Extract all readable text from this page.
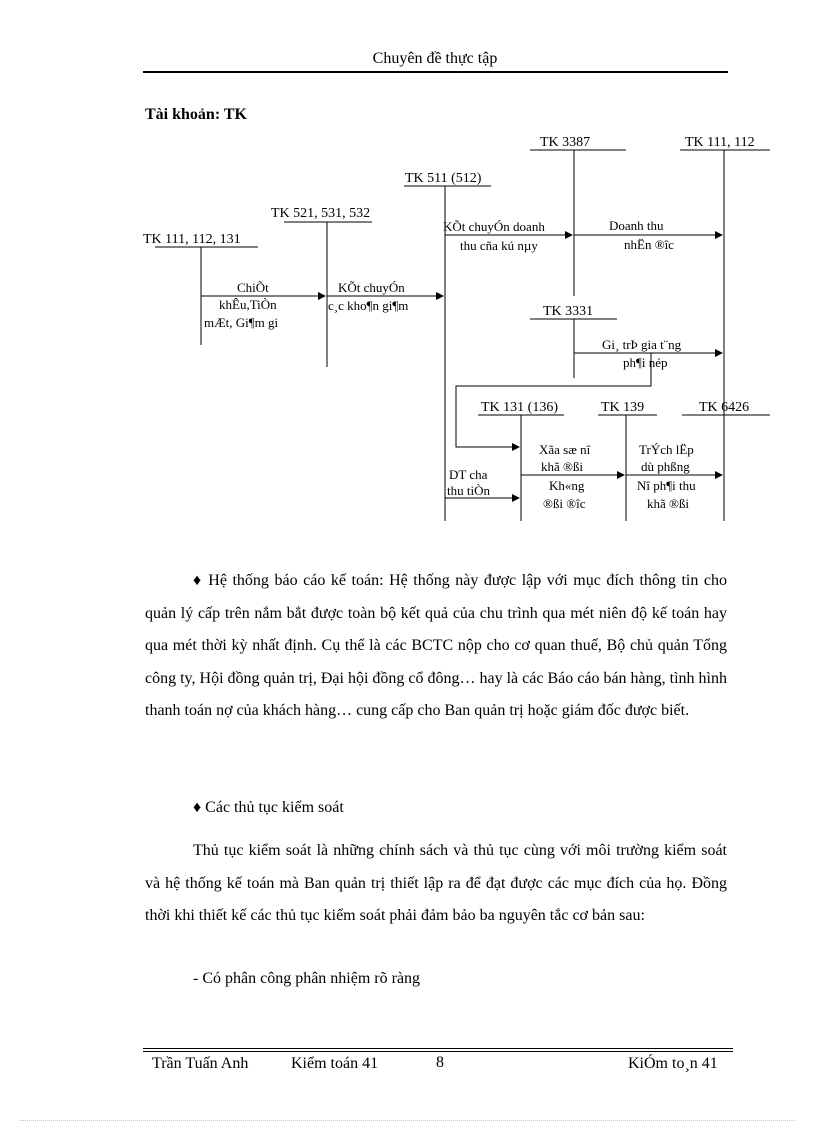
Chuyên đề thực tập
Tài khoản: TK
TK 111, 112, 131
TK 521, 531, 532
TK 511 (512)
TK 3387	TK 111, 112
TK 3331
TK 131 (136)	TK 139	TK 6426
ChiÕt
khÊu,TiÒn
mÆt, Gi¶m gi
KÕt chuyÓn
c¸c kho¶n gi¶m
KÕt chuyÓn doanh
thu cña kú nµy
Doanh thu
nhËn ®îc
Gi¸ trÞ gia t¨ng
ph¶i nép
DT cha
thu tiÒn
Xãa sæ nî
khã ®ßi
Kh«ng
®ßi ®îc
TrÝch lËp
dù phßng
Nî ph¶i thu
khã ®ßi
♦ Hệ thống báo cáo kế toán: Hệ thống này được lập với mục đích thông tin cho quản lý cấp trên nắm bắt được toàn bộ kết quả của chu trình qua mét niên độ kế toán hay qua mét thời kỳ nhất định. Cụ thể là các BCTC nộp cho cơ quan thuế, Bộ chủ quản Tổng công ty, Hội đồng quản trị, Đại hội đồng cổ đông… hay là các Báo cáo bán hàng, tình hình thanh toán nợ của khách hàng… cung cấp cho Ban quản trị hoặc giám đốc được biết.
♦ Các thủ tục kiểm soát
Thủ tục kiểm soát là những chính sách và thủ tục cùng với môi trường kiểm soát và hệ thống kế toán mà Ban quản trị thiết lập ra để đạt được các mục đích của họ. Đồng thời khi thiết kế các thủ tục kiểm soát phải đảm bảo ba nguyên tắc cơ bản sau:
- Có phân công phân nhiệm rõ ràng
Trần Tuấn Anh	Kiểm toán 41	8	KiÓm to¸n 41
